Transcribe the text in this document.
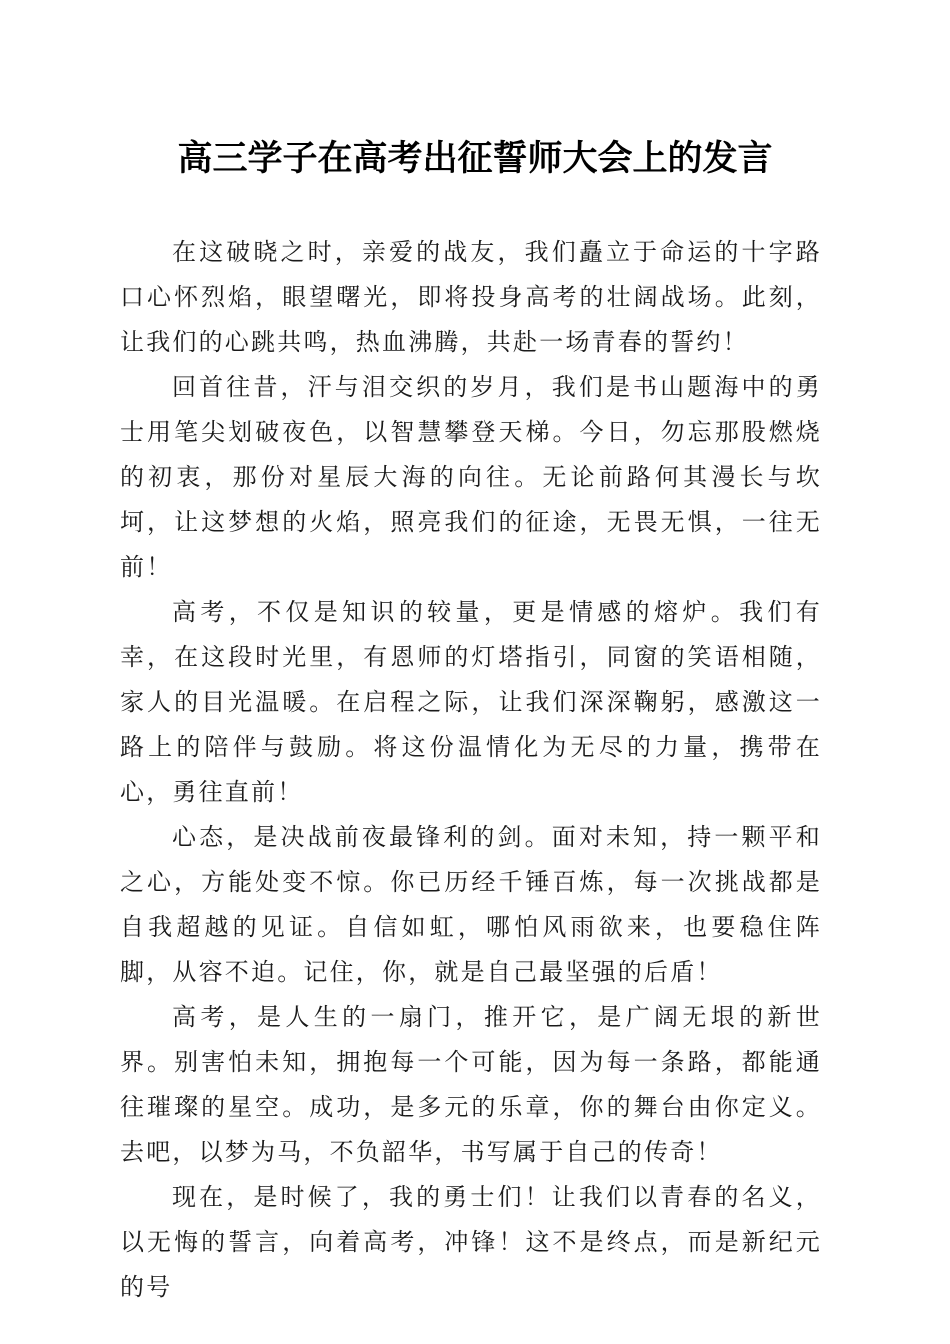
高三学子在高考出征誓师大会上的发言

在这破晓之时，亲爱的战友，我们矗立于命运的十字路口心怀烈焰，眼望曙光，即将投身高考的壮阔战场。此刻，让我们的心跳共鸣，热血沸腾，共赴一场青春的誓约！

回首往昔，汗与泪交织的岁月，我们是书山题海中的勇士用笔尖划破夜色，以智慧攀登天梯。今日，勿忘那股燃烧的初衷，那份对星辰大海的向往。无论前路何其漫长与坎坷，让这梦想的火焰，照亮我们的征途，无畏无惧，一往无前！

高考，不仅是知识的较量，更是情感的熔炉。我们有幸，在这段时光里，有恩师的灯塔指引，同窗的笑语相随，家人的目光温暖。在启程之际，让我们深深鞠躬，感激这一路上的陪伴与鼓励。将这份温情化为无尽的力量，携带在心，勇往直前！

心态，是决战前夜最锋利的剑。面对未知，持一颗平和之心，方能处变不惊。你已历经千锤百炼，每一次挑战都是自我超越的见证。自信如虹，哪怕风雨欲来，也要稳住阵脚，从容不迫。记住，你，就是自己最坚强的后盾！

高考，是人生的一扇门，推开它，是广阔无垠的新世界。别害怕未知，拥抱每一个可能，因为每一条路，都能通往璀璨的星空。成功，是多元的乐章，你的舞台由你定义。去吧，以梦为马，不负韶华，书写属于自己的传奇！

现在，是时候了，我的勇士们！让我们以青春的名义，以无悔的誓言，向着高考，冲锋！这不是终点，而是新纪元的号
